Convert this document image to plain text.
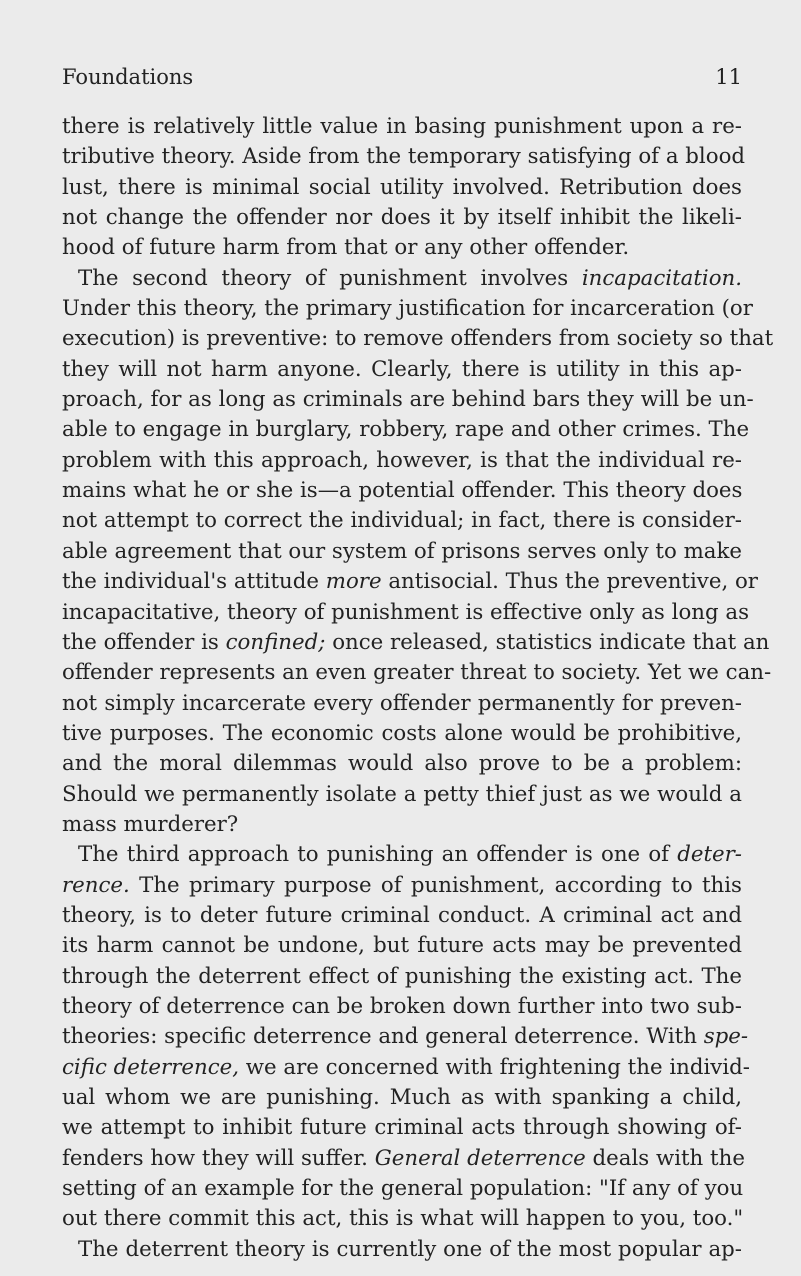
Foundations	11
there is relatively little value in basing punishment upon a re-
tributive theory. Aside from the temporary satisfying of a blood
lust, there is minimal social utility involved. Retribution does
not change the offender nor does it by itself inhibit the likeli-
hood of future harm from that or any other offender.
The second theory of punishment involves incapacitation.
Under this theory, the primary justification for incarceration (or
execution) is preventive: to remove offenders from society so that
they will not harm anyone. Clearly, there is utility in this ap-
proach, for as long as criminals are behind bars they will be un-
able to engage in burglary, robbery, rape and other crimes. The
problem with this approach, however, is that the individual re-
mains what he or she is—a potential offender. This theory does
not attempt to correct the individual; in fact, there is consider-
able agreement that our system of prisons serves only to make
the individual's attitude more antisocial. Thus the preventive, or
incapacitative, theory of punishment is effective only as long as
the offender is confined; once released, statistics indicate that an
offender represents an even greater threat to society. Yet we can-
not simply incarcerate every offender permanently for preven-
tive purposes. The economic costs alone would be prohibitive,
and the moral dilemmas would also prove to be a problem:
Should we permanently isolate a petty thief just as we would a
mass murderer?
The third approach to punishing an offender is one of deter-
rence. The primary purpose of punishment, according to this
theory, is to deter future criminal conduct. A criminal act and
its harm cannot be undone, but future acts may be prevented
through the deterrent effect of punishing the existing act. The
theory of deterrence can be broken down further into two sub-
theories: specific deterrence and general deterrence. With spe-
cific deterrence, we are concerned with frightening the individ-
ual whom we are punishing. Much as with spanking a child,
we attempt to inhibit future criminal acts through showing of-
fenders how they will suffer. General deterrence deals with the
setting of an example for the general population: "If any of you
out there commit this act, this is what will happen to you, too."
The deterrent theory is currently one of the most popular ap-
